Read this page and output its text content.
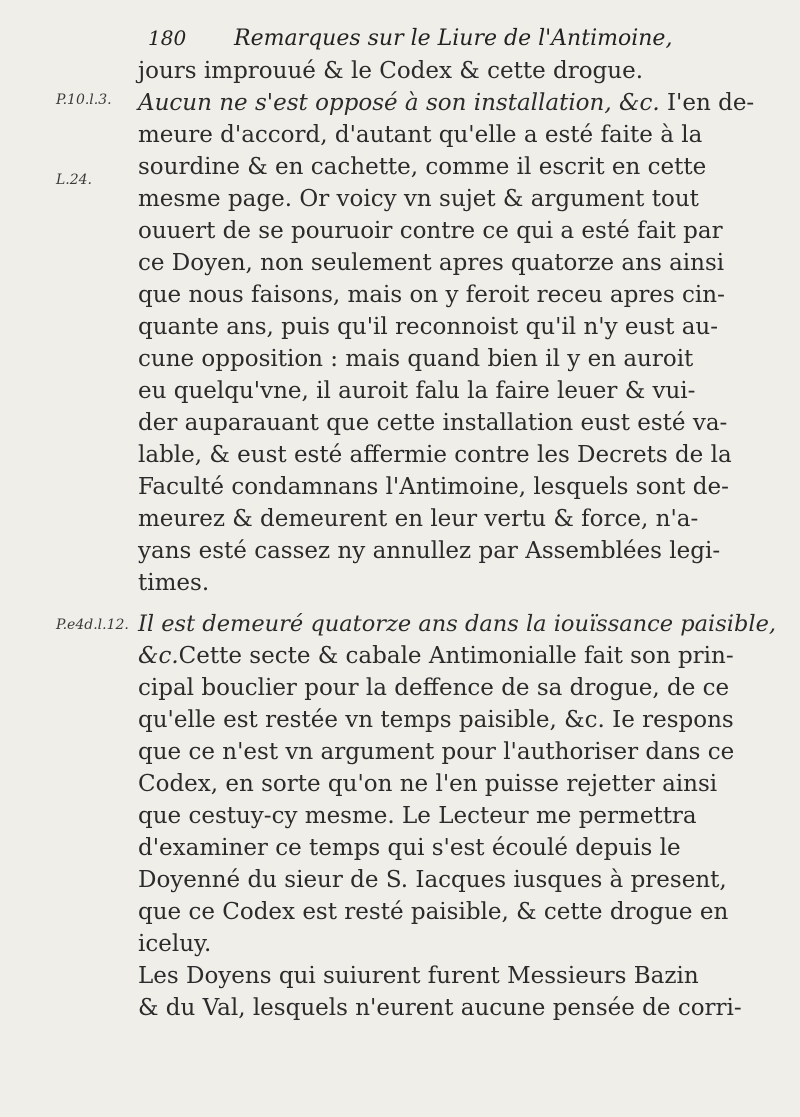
180 Remarques sur le Liure de l'Antimoine,
P.10.l.3.
L.24.
P.e4d.l.12.
jours improuué & le Codex & cette drogue.
Aucun ne s'est opposé à son installation, &c. I'en de-
meure d'accord, d'autant qu'elle a esté faite à la
sourdine & en cachette, comme il escrit en cette
mesme page. Or voicy vn sujet & argument tout
ouuert de se pouruoir contre ce qui a esté fait par
ce Doyen, non seulement apres quatorze ans ainsi
que nous faisons, mais on y feroit receu apres cin-
quante ans, puis qu'il reconnoist qu'il n'y eust au-
cune opposition : mais quand bien il y en auroit
eu quelqu'vne, il auroit falu la faire leuer & vui-
der auparauant que cette installation eust esté va-
lable, & eust esté affermie contre les Decrets de la
Faculté condamnans l'Antimoine, lesquels sont de-
meurez & demeurent en leur vertu & force, n'a-
yans esté cassez ny annullez par Assemblées legi-
times.
Il est demeuré quatorze ans dans la iouïssance paisible,
&c.Cette secte & cabale Antimonialle fait son prin-
cipal bouclier pour la deffence de sa drogue, de ce
qu'elle est restée vn temps paisible, &c. Ie respons
que ce n'est vn argument pour l'authoriser dans ce
Codex, en sorte qu'on ne l'en puisse rejetter ainsi
que cestuy-cy mesme. Le Lecteur me permettra
d'examiner ce temps qui s'est écoulé depuis le
Doyenné du sieur de S. Iacques iusques à present,
que ce Codex est resté paisible, & cette drogue en
iceluy.
Les Doyens qui suiurent furent Messieurs Bazin
& du Val, lesquels n'eurent aucune pensée de corri-
